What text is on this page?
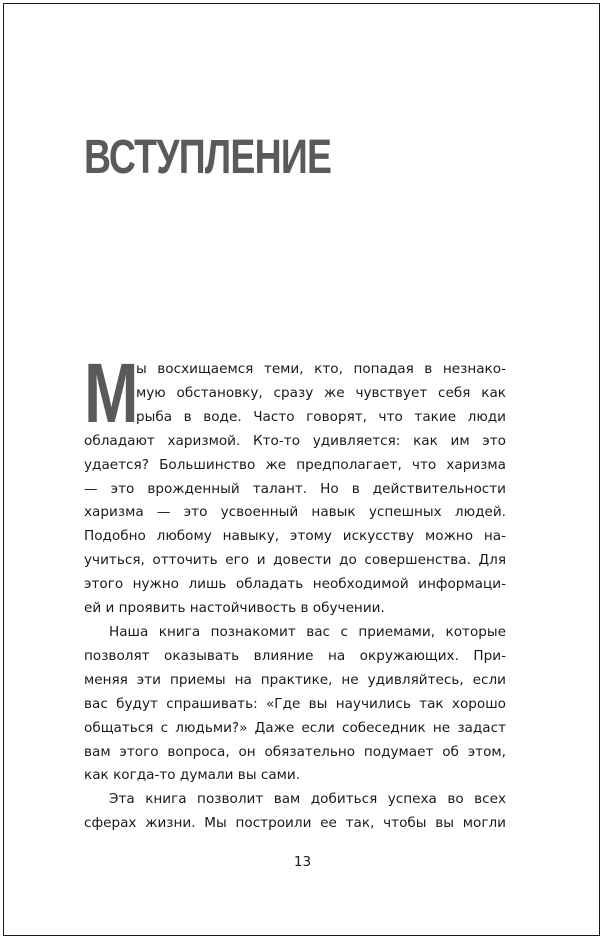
ВСТУПЛЕНИЕ
М
ы восхищаемся теми, кто, попадая в незнако-
мую обстановку, сразу же чувствует себя как
рыба в воде. Часто говорят, что такие люди
обладают харизмой. Кто-то удивляется: как им это
удается? Большинство же предполагает, что харизма
— это врожденный талант. Но в действительности
харизма — это усвоенный навык успешных людей.
Подобно любому навыку, этому искусству можно на-
учиться, отточить его и довести до совершенства. Для
этого нужно лишь обладать необходимой информаци-
ей и проявить настойчивость в обучении.
Наша книга познакомит вас с приемами, которые
позволят оказывать влияние на окружающих. При-
меняя эти приемы на практике, не удивляйтесь, если
вас будут спрашивать: «Где вы научились так хорошо
общаться с людьми?» Даже если собеседник не задаст
вам этого вопроса, он обязательно подумает об этом,
как когда-то думали вы сами.
Эта книга позволит вам добиться успеха во всех
сферах жизни. Мы построили ее так, чтобы вы могли
13
